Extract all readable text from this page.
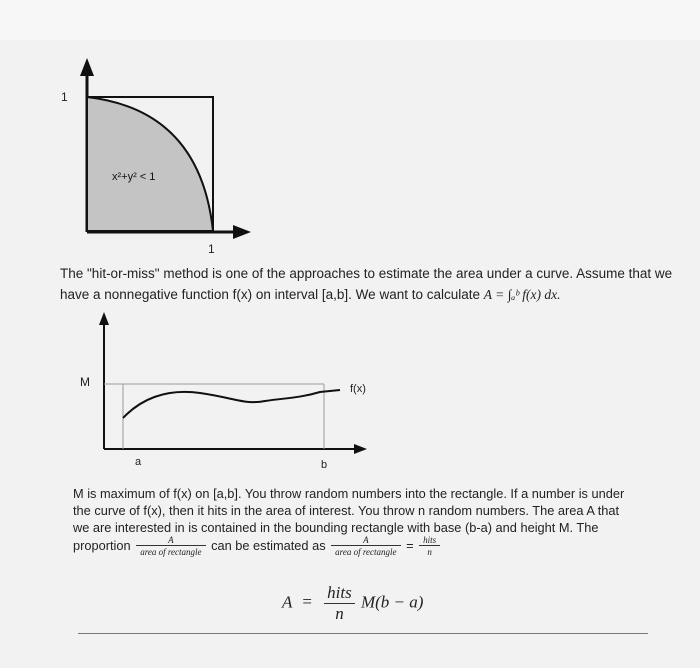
1
1
x²+y² < 1
The "hit-or-miss" method is one of the approaches to estimate the area under a curve. Assume that we have a nonnegative function f(x) on interval [a,b]. We want to calculate A = ∫ₐᵇ f(x) dx.
M	f(x)
a	b
M is maximum of f(x) on [a,b]. You throw random numbers into the rectangle. If a number is under the curve of f(x), then it hits in the area of interest. You throw n random numbers. The area A that we are interested in is contained in the bounding rectangle with base (b-a) and height M. The proportion $\frac{A}{\text{area of rectangle}}$ can be estimated as $\frac{A}{\text{area of rectangle}} = \frac{\text{hits}}{n}$
$A = \frac{\text{hits}}{n} M(b - a)$
